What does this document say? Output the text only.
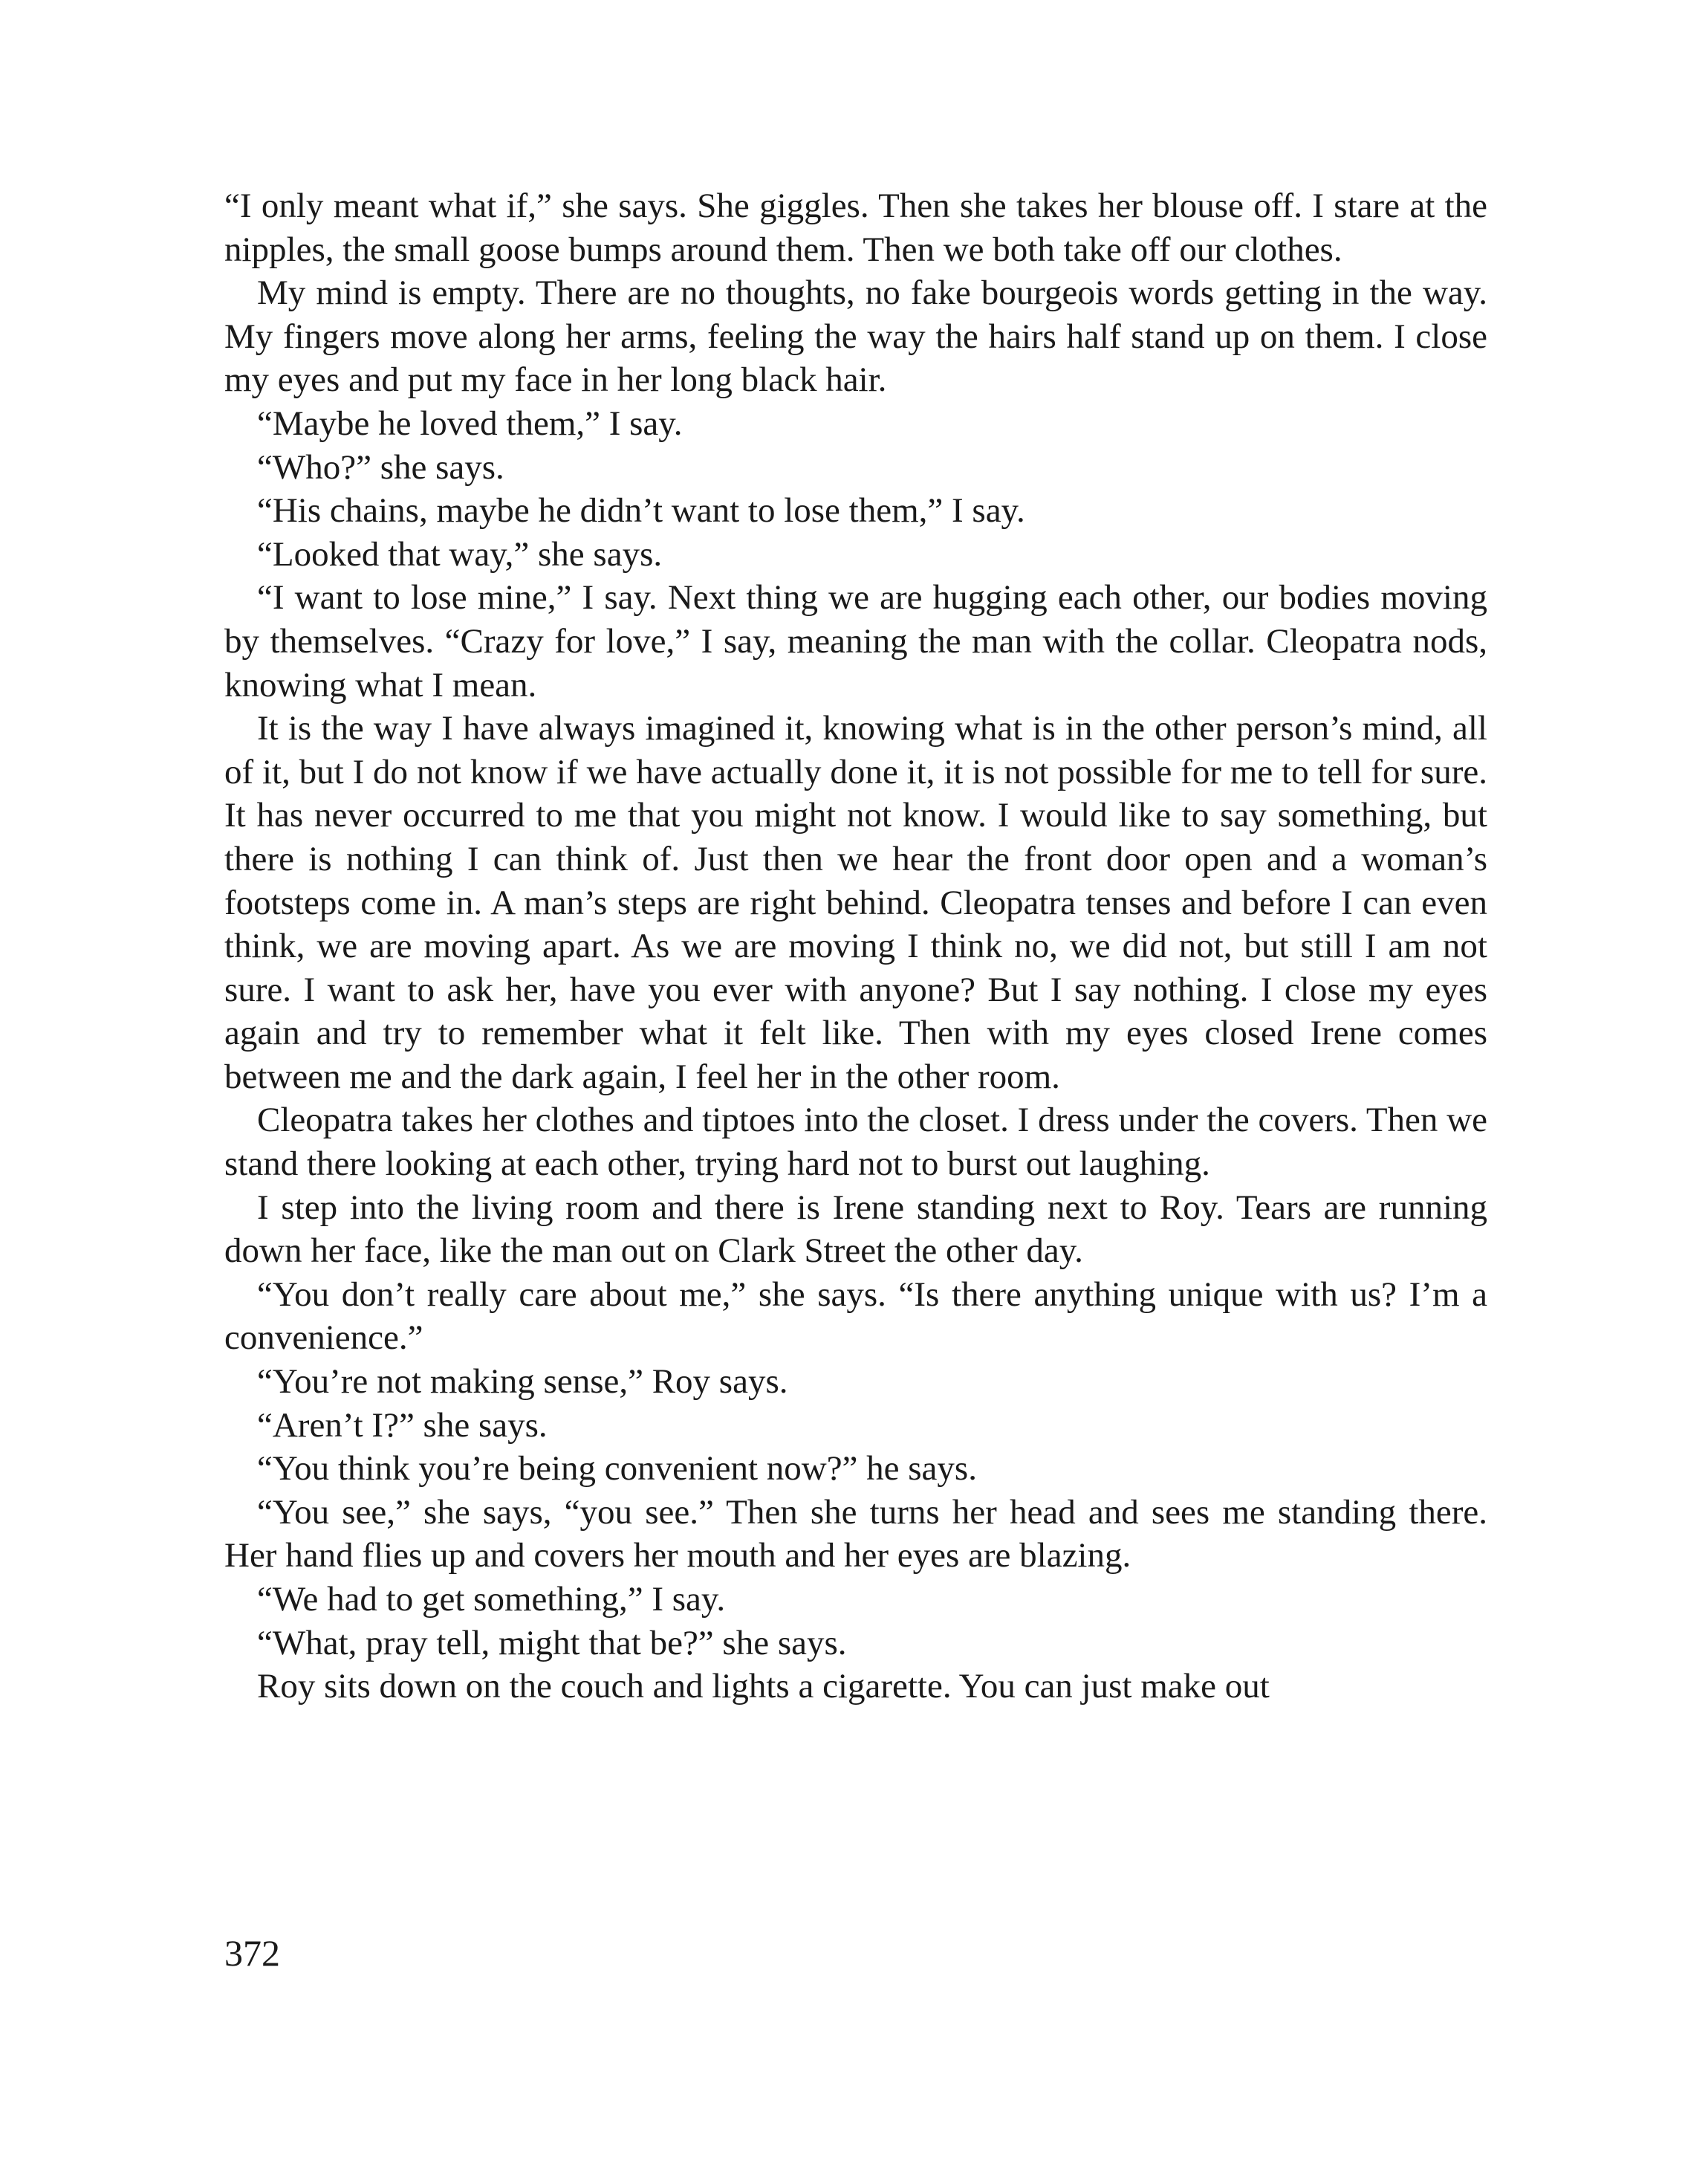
“I only meant what if,” she says. She giggles. Then she takes her blouse off. I stare at the nipples, the small goose bumps around them. Then we both take off our clothes.

My mind is empty. There are no thoughts, no fake bourgeois words getting in the way. My fingers move along her arms, feeling the way the hairs half stand up on them. I close my eyes and put my face in her long black hair.

“Maybe he loved them,” I say.

“Who?” she says.

“His chains, maybe he didn’t want to lose them,” I say.

“Looked that way,” she says.

“I want to lose mine,” I say. Next thing we are hugging each other, our bodies moving by themselves. “Crazy for love,” I say, meaning the man with the collar. Cleopatra nods, knowing what I mean.

It is the way I have always imagined it, knowing what is in the other person’s mind, all of it, but I do not know if we have actually done it, it is not possible for me to tell for sure. It has never occurred to me that you might not know. I would like to say something, but there is nothing I can think of. Just then we hear the front door open and a woman’s footsteps come in. A man’s steps are right behind. Cleopatra tenses and before I can even think, we are moving apart. As we are moving I think no, we did not, but still I am not sure. I want to ask her, have you ever with anyone? But I say nothing. I close my eyes again and try to remember what it felt like. Then with my eyes closed Irene comes between me and the dark again, I feel her in the other room.

Cleopatra takes her clothes and tiptoes into the closet. I dress under the covers. Then we stand there looking at each other, trying hard not to burst out laughing.

I step into the living room and there is Irene standing next to Roy. Tears are running down her face, like the man out on Clark Street the other day.

“You don’t really care about me,” she says. “Is there anything unique with us? I’m a convenience.”

“You’re not making sense,” Roy says.

“Aren’t I?” she says.

“You think you’re being convenient now?” he says.

“You see,” she says, “you see.” Then she turns her head and sees me standing there. Her hand flies up and covers her mouth and her eyes are blazing.

“We had to get something,” I say.

“What, pray tell, might that be?” she says.

Roy sits down on the couch and lights a cigarette. You can just make out

372
